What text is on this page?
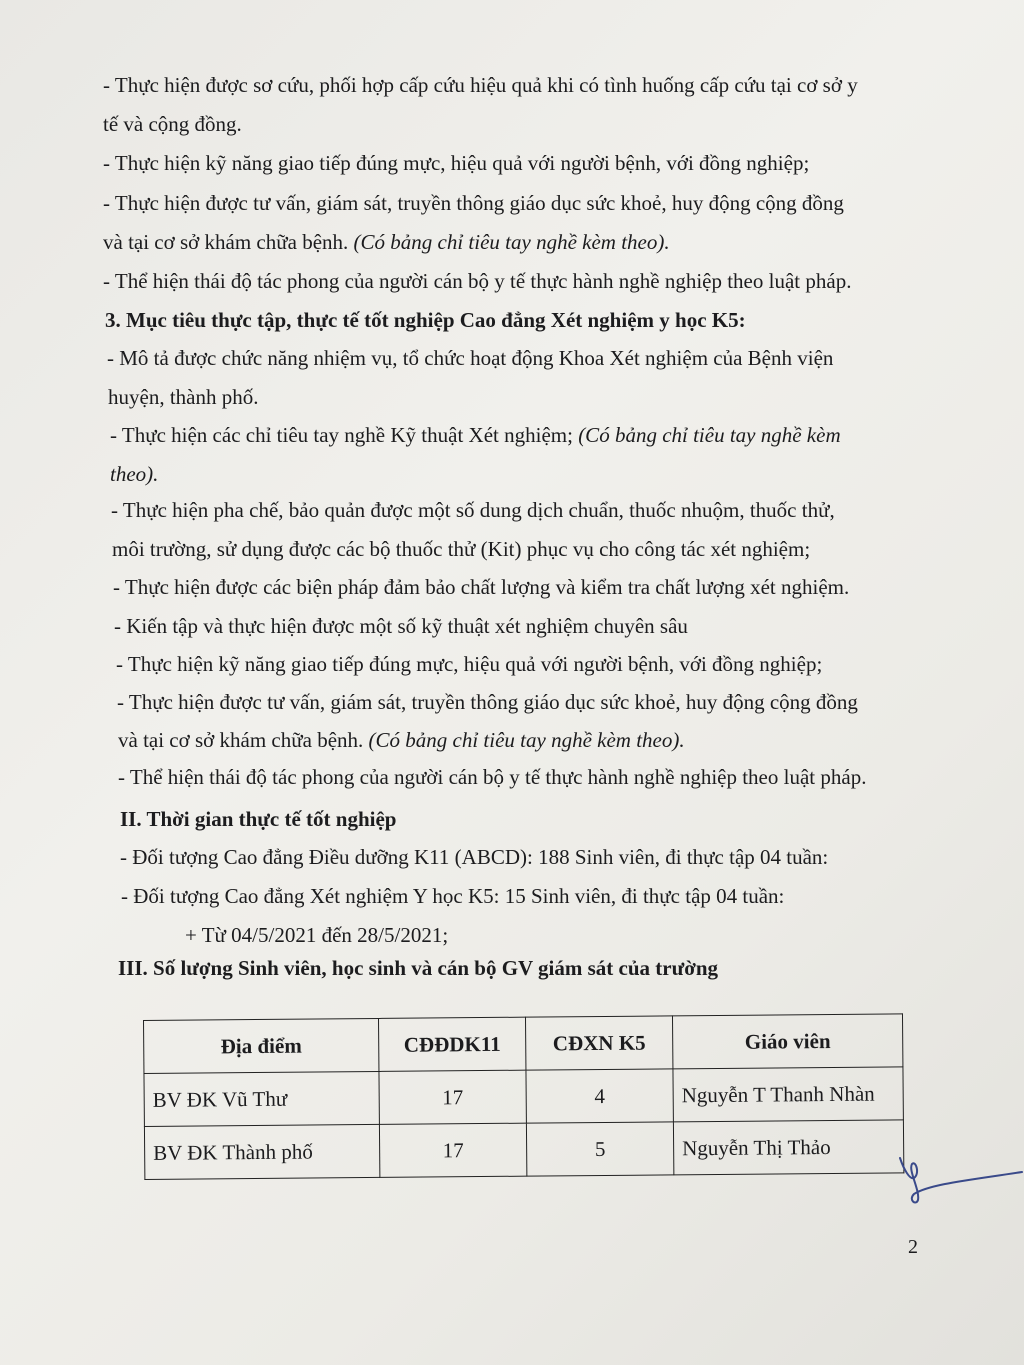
- Thực hiện được sơ cứu, phối hợp cấp cứu hiệu quả khi có tình huống cấp cứu tại cơ sở y
tế và cộng đồng.
- Thực hiện kỹ năng giao tiếp đúng mực, hiệu quả với người bệnh, với đồng nghiệp;
- Thực hiện được tư vấn, giám sát, truyền thông giáo dục sức khoẻ, huy động cộng đồng
và tại cơ sở khám chữa bệnh. (Có bảng chỉ tiêu tay nghề kèm theo).
- Thể hiện thái độ tác phong của người cán bộ y tế thực hành nghề nghiệp theo luật pháp.
3. Mục tiêu thực tập, thực tế tốt nghiệp Cao đẳng Xét nghiệm y học K5:
- Mô tả được chức năng nhiệm vụ, tổ chức hoạt động Khoa Xét nghiệm của Bệnh viện
huyện, thành phố.
- Thực hiện các chỉ tiêu tay nghề Kỹ thuật Xét nghiệm; (Có bảng chỉ tiêu tay nghề kèm
theo).
- Thực hiện pha chế, bảo quản được một số dung dịch chuẩn, thuốc nhuộm, thuốc thử,
môi trường, sử dụng được các bộ thuốc thử (Kit) phục vụ cho công tác xét nghiệm;
- Thực hiện được các biện pháp đảm bảo chất lượng và kiểm tra chất lượng xét nghiệm.
- Kiến tập và thực hiện được một số kỹ thuật xét nghiệm chuyên sâu
- Thực hiện kỹ năng giao tiếp đúng mực, hiệu quả với người bệnh, với đồng nghiệp;
- Thực hiện được tư vấn, giám sát, truyền thông giáo dục sức khoẻ, huy động cộng đồng
và tại cơ sở khám chữa bệnh. (Có bảng chỉ tiêu tay nghề kèm theo).
- Thể hiện thái độ tác phong của người cán bộ y tế thực hành nghề nghiệp theo luật pháp.
II. Thời gian thực tế tốt nghiệp
- Đối tượng Cao đẳng Điều dưỡng K11 (ABCD): 188 Sinh viên, đi thực tập 04 tuần:
- Đối tượng Cao đẳng Xét nghiệm Y học K5: 15 Sinh viên, đi thực tập 04 tuần:
+ Từ 04/5/2021 đến 28/5/2021;
III. Số lượng Sinh viên, học sinh và cán bộ GV giám sát của trường
Địa điểm	CĐĐDK11	CĐXN K5	Giáo viên
BV ĐK Vũ Thư	17	4	Nguyễn T Thanh Nhàn
BV ĐK Thành phố	17	5	Nguyễn Thị Thảo
2
